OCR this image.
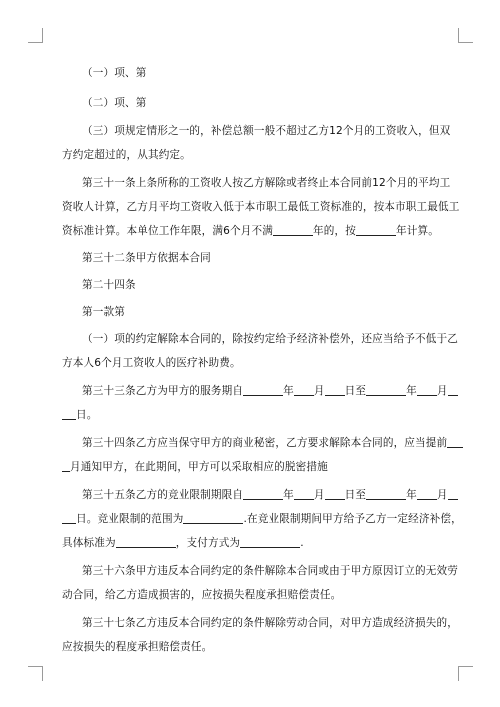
（一）项、第
（二）项、第
（三）项规定情形之一的，补偿总额一般不超过乙方12个月的工资收入，但双
方约定超过的，从其约定。
第三十一条上条所称的工资收人按乙方解除或者终止本合同前12个月的平均工
资收人计算，乙方月平均工资收入低于本市职工最低工资标准的，按本市职工最低工
资标准计算。本单位工作年限，满6个月不满	年的，按	年计算。
第三十二条甲方依据本合同
第二十四条
第一款第
（一）项的约定解除本合同的，除按约定给予经济补偿外，还应当给予不低于乙
方本人6个月工资收人的医疗补助费。
第三十三条乙方为甲方的服务期自	年 月 日至	年 月
日。
第三十四条乙方应当保守甲方的商业秘密，乙方要求解除本合同的，应当提前
月通知甲方，在此期间，甲方可以采取相应的脱密措施
第三十五条乙方的竞业限制期限自	年 月 日至	年 月
日。竞业限制的范围为	.在竞业限制期间甲方给予乙方一定经济补偿，
具体标准为	，支付方式为	.
第三十六条甲方违反本合同约定的条件解除本合同或由于甲方原因订立的无效劳
动合同，给乙方造成损害的，应按损失程度承担赔偿责任。
第三十七条乙方违反本合同约定的条件解除劳动合同，对甲方造成经济损失的，
应按损失的程度承担赔偿责任。
